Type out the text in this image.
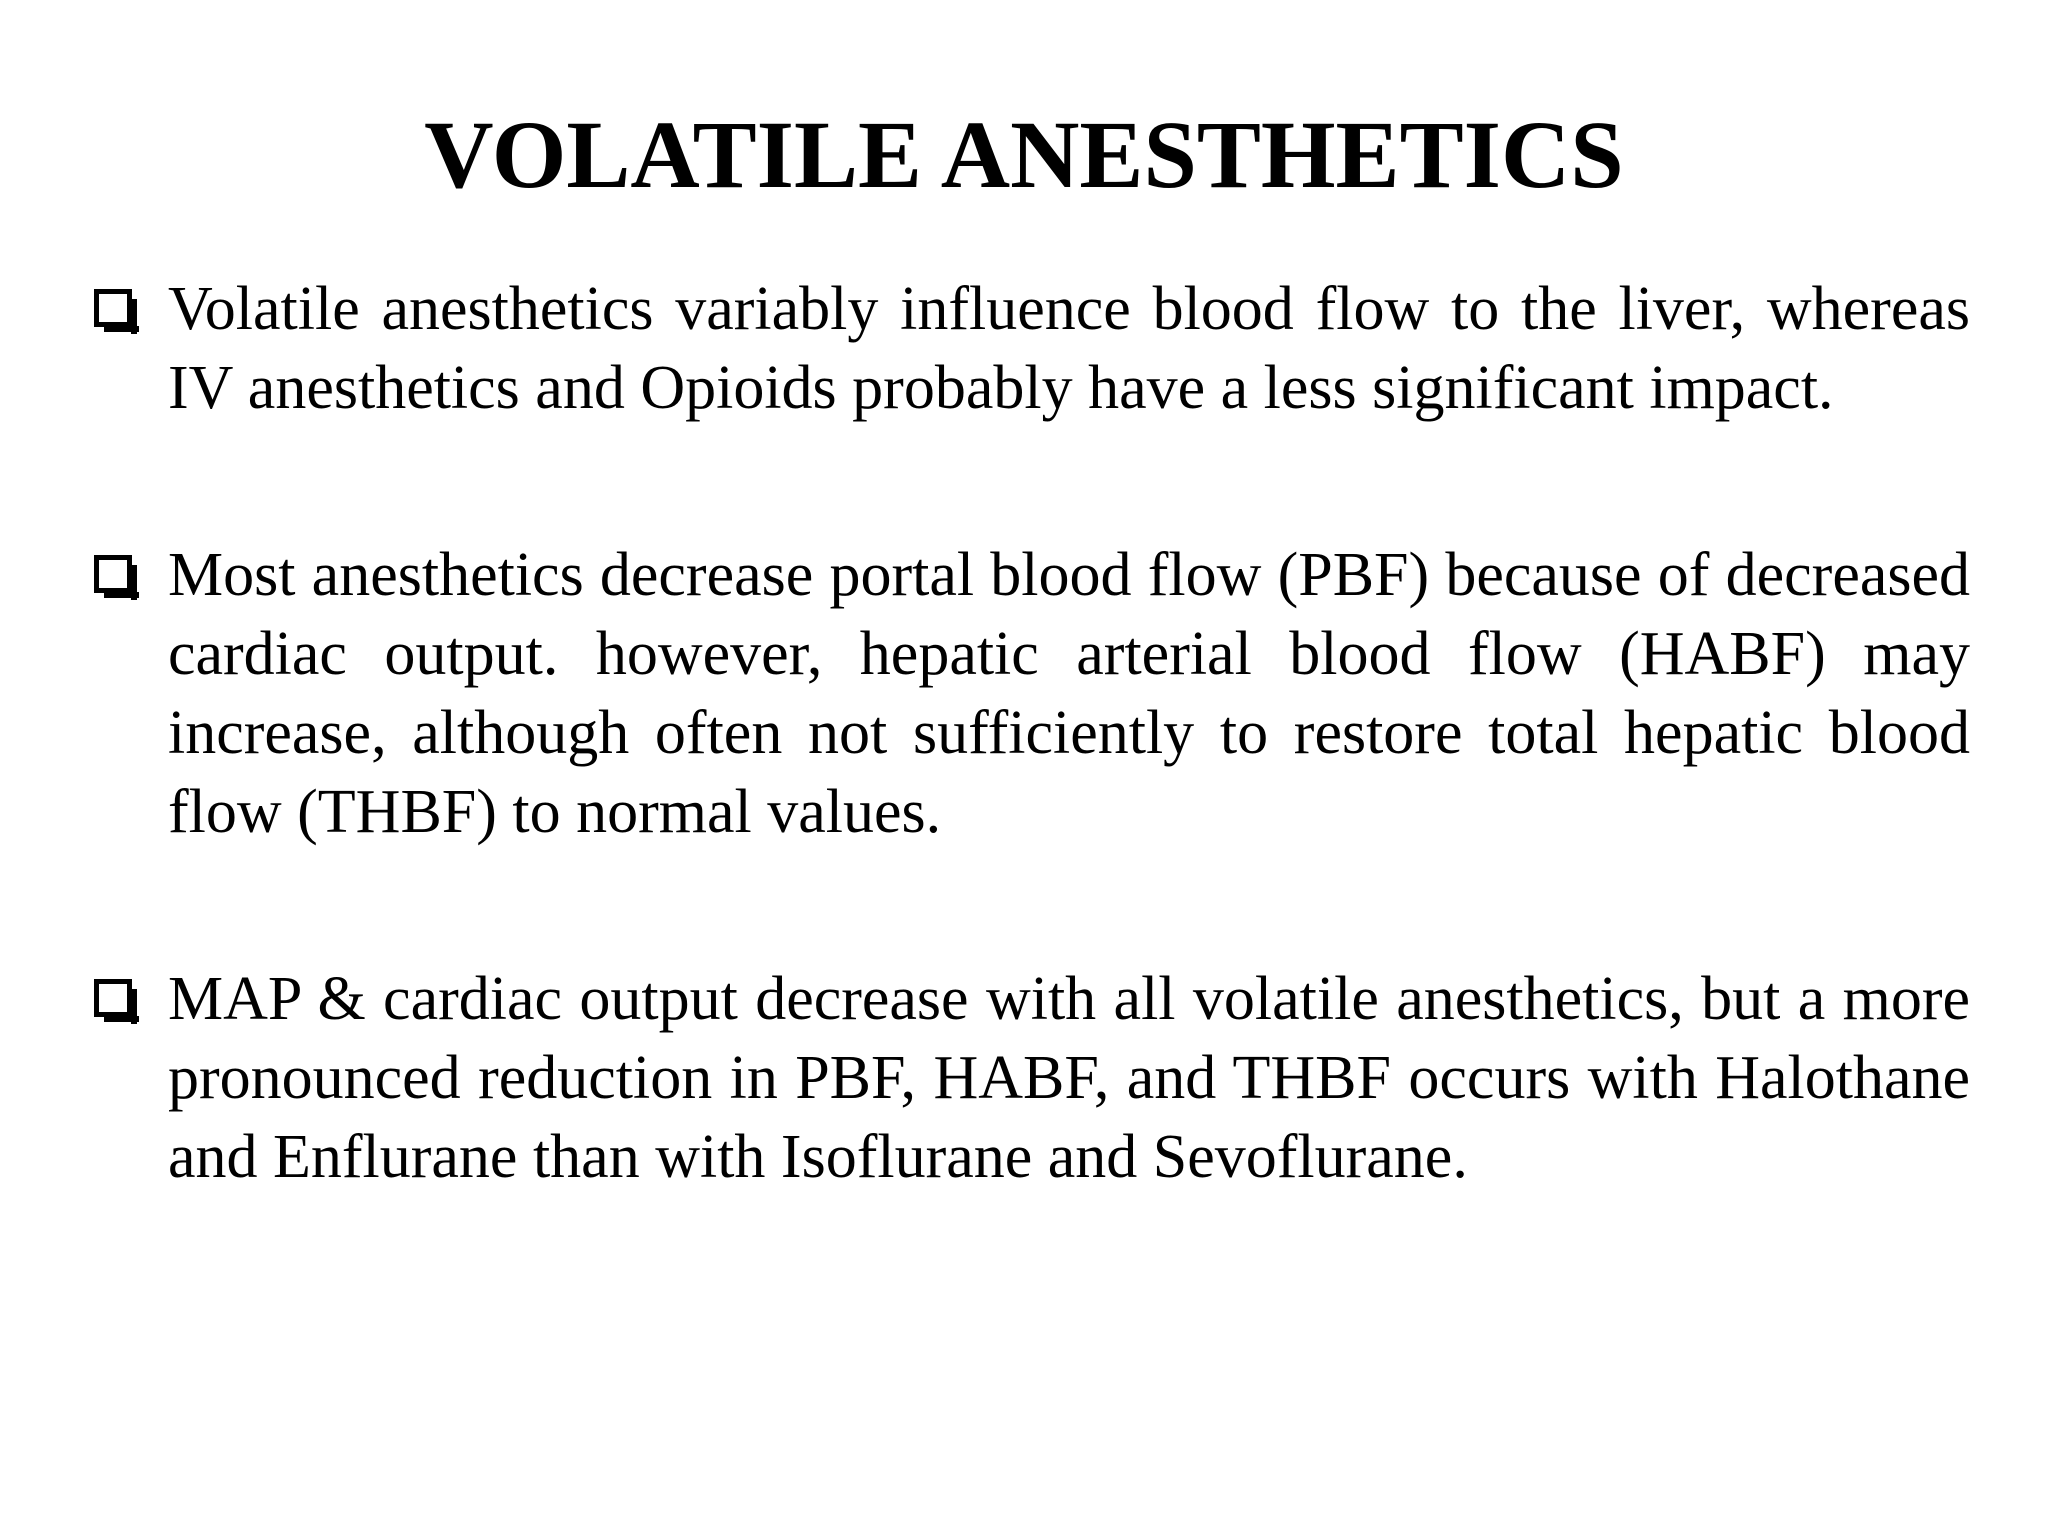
VOLATILE ANESTHETICS
Volatile anesthetics variably influence blood flow to the liver, whereas IV anesthetics and Opioids probably have a less significant impact.
Most anesthetics decrease portal blood flow (PBF) because of decreased cardiac output. however, hepatic arterial blood flow (HABF) may increase, although often not sufficiently to restore total hepatic blood flow (THBF) to normal values.
MAP & cardiac output decrease with all volatile anesthetics, but a more pronounced reduction in PBF, HABF, and THBF occurs with Halothane and Enflurane than with Isoflurane and Sevoflurane.
